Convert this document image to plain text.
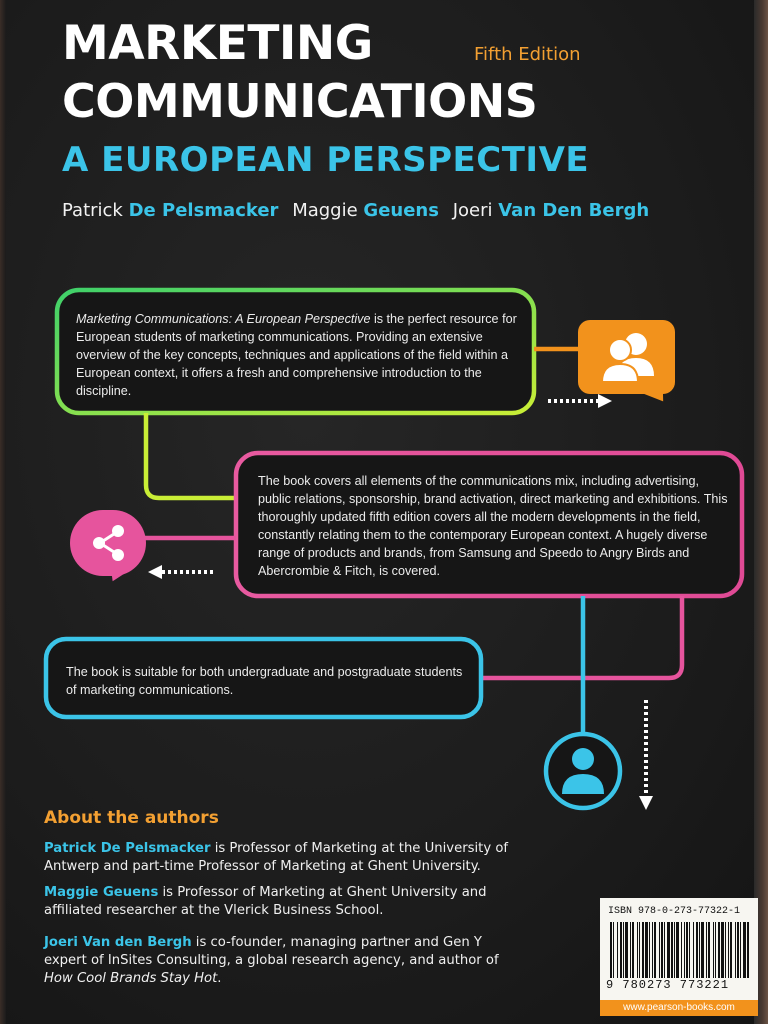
MARKETING
COMMUNICATIONS
Fifth Edition
A EUROPEAN PERSPECTIVE
Patrick De Pelsmacker Maggie Geuens Joeri Van Den Bergh
Marketing Communications: A European Perspective is the perfect resource for European students of marketing communications. Providing an extensive overview of the key concepts, techniques and applications of the field within a European context, it offers a fresh and comprehensive introduction to the discipline.
The book covers all elements of the communications mix, including advertising, public relations, sponsorship, brand activation, direct marketing and exhibitions. This thoroughly updated fifth edition covers all the modern developments in the field, constantly relating them to the contemporary European context. A hugely diverse range of products and brands, from Samsung and Speedo to Angry Birds and Abercrombie & Fitch, is covered.
The book is suitable for both undergraduate and postgraduate students of marketing communications.
About the authors

Patrick De Pelsmacker is Professor of Marketing at the University of Antwerp and part-time Professor of Marketing at Ghent University.

Maggie Geuens is Professor of Marketing at Ghent University and affiliated researcher at the Vlerick Business School.

Joeri Van den Bergh is co-founder, managing partner and Gen Y expert of InSites Consulting, a global research agency, and author of How Cool Brands Stay Hot.

ISBN 978-0-273-77322-1
9 780273 773221
www.pearson-books.com
